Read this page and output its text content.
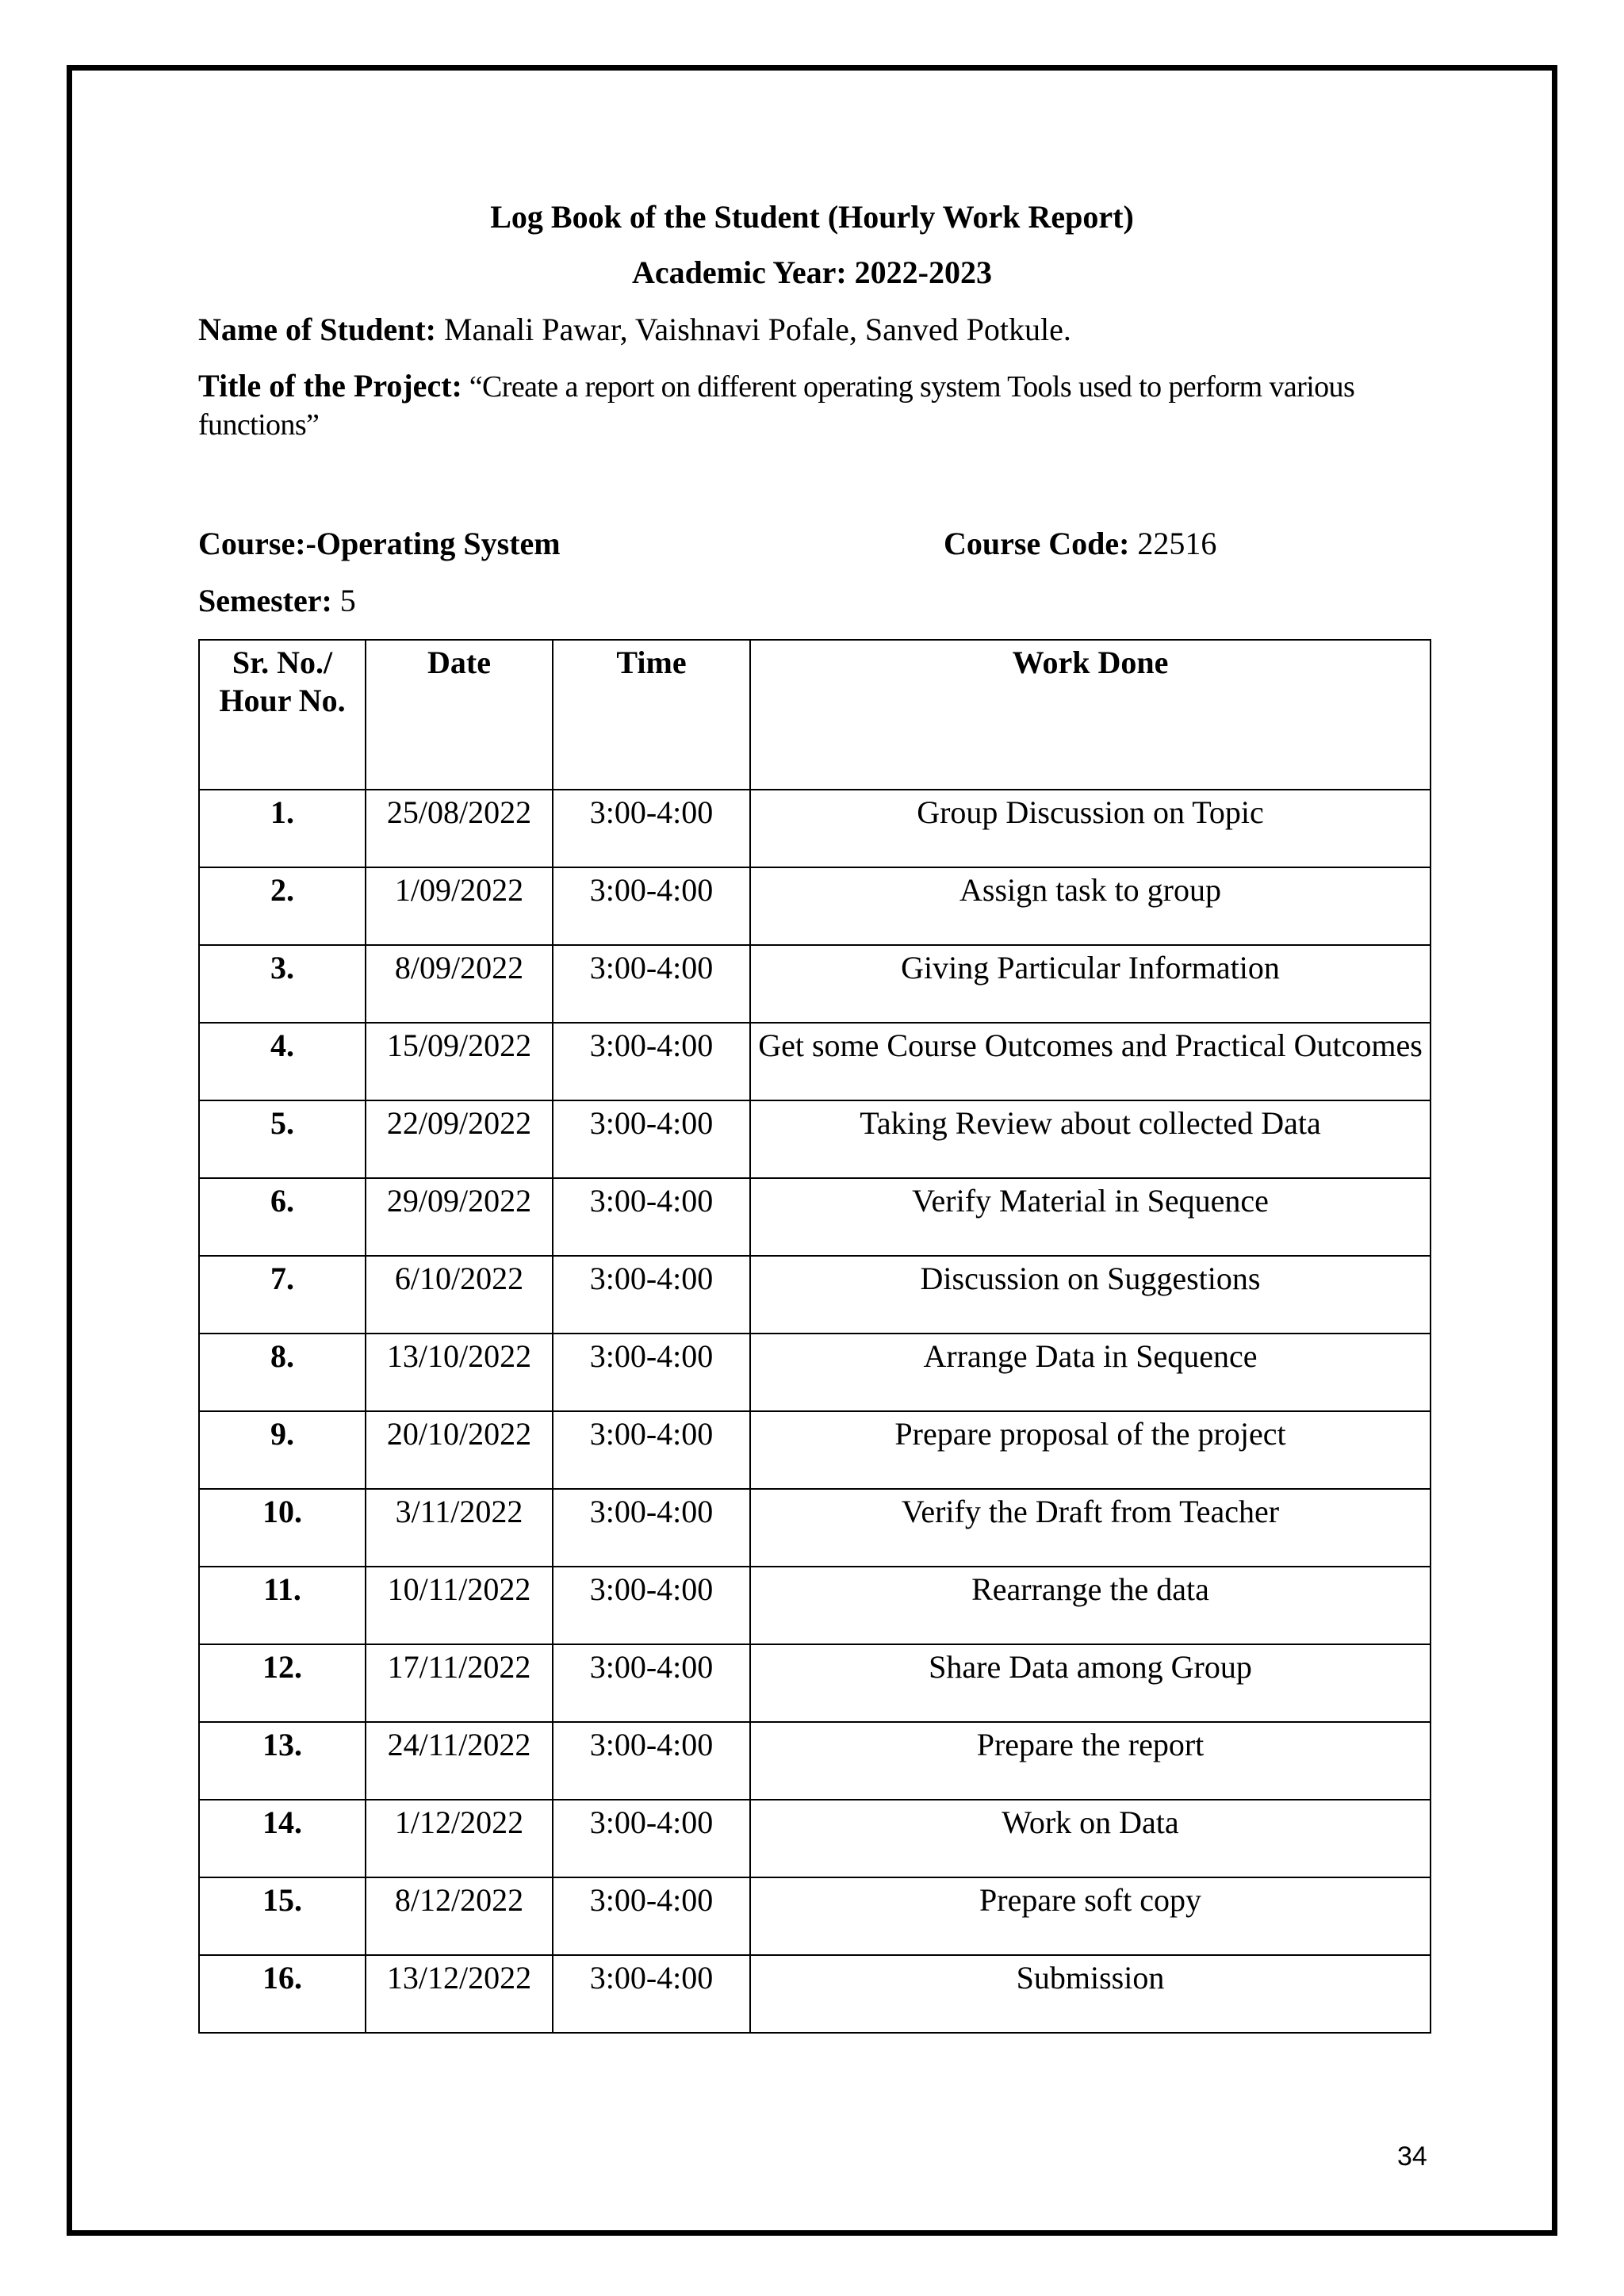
Log Book of the Student (Hourly Work Report)
Academic Year: 2022-2023
Name of Student: Manali Pawar, Vaishnavi Pofale, Sanved Potkule.
Title of the Project: “Create a report on different operating system Tools used to perform various functions”
Course:-Operating System	Course Code: 22516
Semester: 5
Sr. No./ Hour No.	Date	Time	Work Done
1.	25/08/2022	3:00-4:00	Group Discussion on Topic
2.	1/09/2022	3:00-4:00	Assign task to group
3.	8/09/2022	3:00-4:00	Giving Particular Information
4.	15/09/2022	3:00-4:00	Get some Course Outcomes and Practical Outcomes
5.	22/09/2022	3:00-4:00	Taking Review about collected Data
6.	29/09/2022	3:00-4:00	Verify Material in Sequence
7.	6/10/2022	3:00-4:00	Discussion on Suggestions
8.	13/10/2022	3:00-4:00	Arrange Data in Sequence
9.	20/10/2022	3:00-4:00	Prepare proposal of the project
10.	3/11/2022	3:00-4:00	Verify the Draft from Teacher
11.	10/11/2022	3:00-4:00	Rearrange the data
12.	17/11/2022	3:00-4:00	Share Data among Group
13.	24/11/2022	3:00-4:00	Prepare the report
14.	1/12/2022	3:00-4:00	Work on Data
15.	8/12/2022	3:00-4:00	Prepare soft copy
16.	13/12/2022	3:00-4:00	Submission
34
